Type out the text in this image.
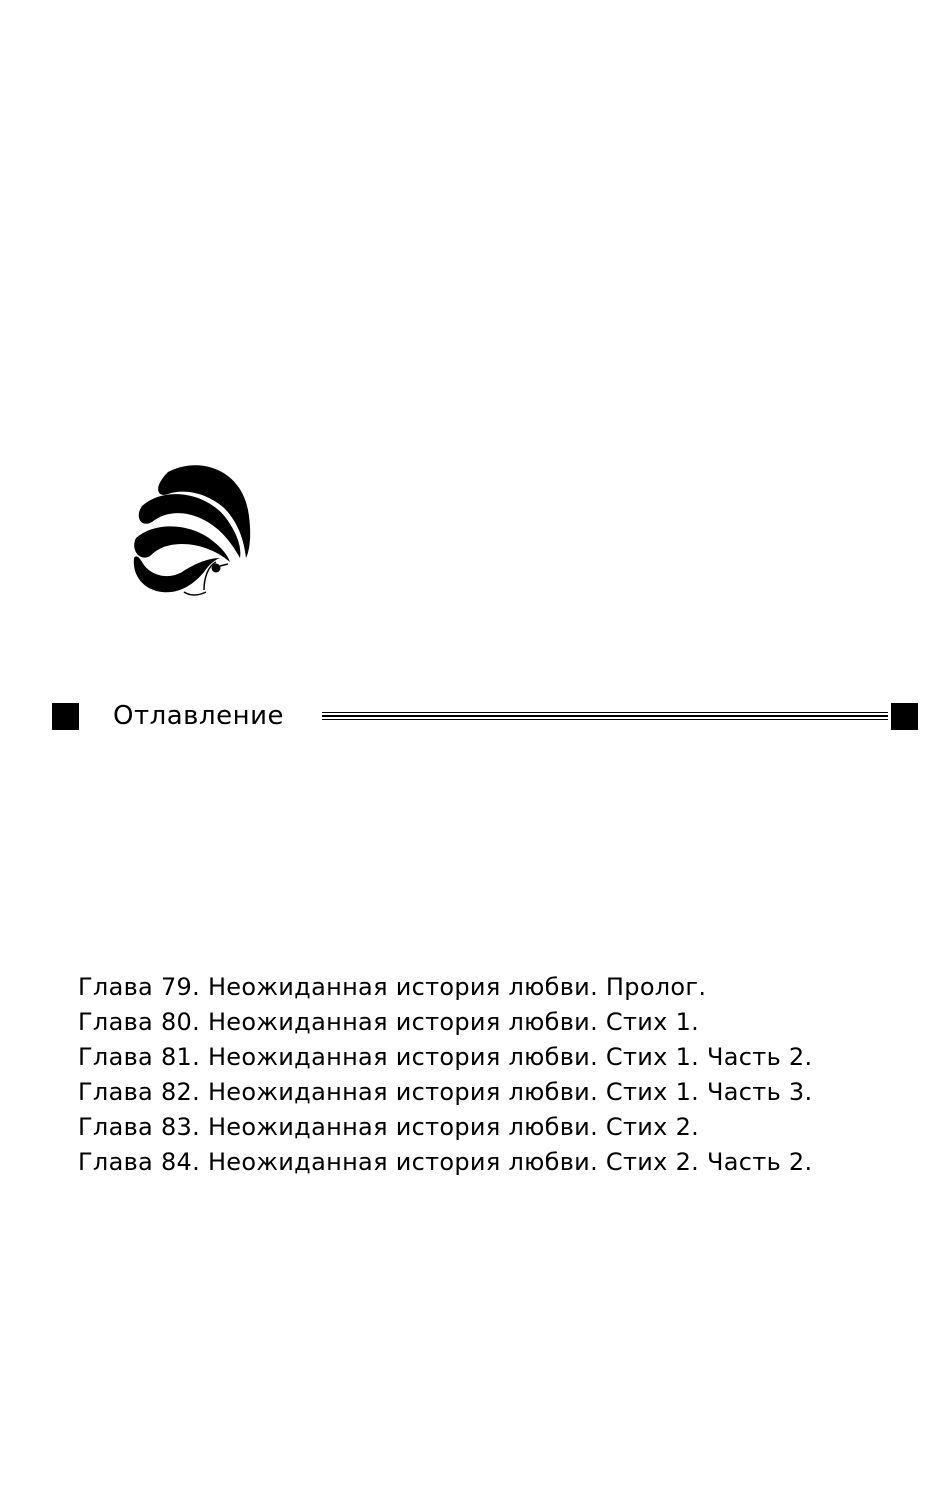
Отлавление
Глава 79. Неожиданная история любви. Пролог.
Глава 80. Неожиданная история любви. Стих 1.
Глава 81. Неожиданная история любви. Стих 1. Часть 2.
Глава 82. Неожиданная история любви. Стих 1. Часть 3.
Глава 83. Неожиданная история любви. Стих 2.
Глава 84. Неожиданная история любви. Стих 2. Часть 2.
